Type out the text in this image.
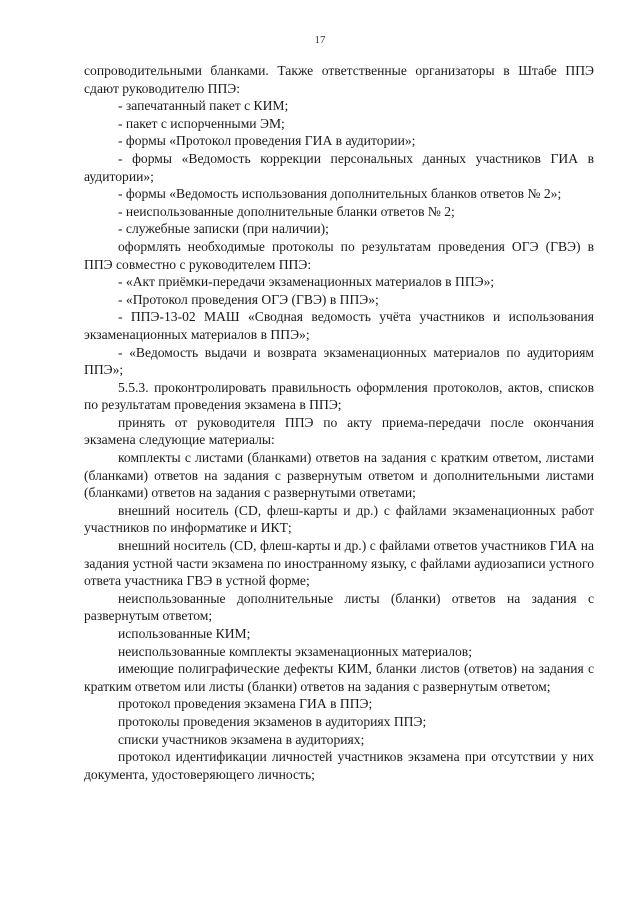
17

сопроводительными бланками. Также ответственные организаторы в Штабе ППЭ сдают руководителю ППЭ:

- запечатанный пакет с КИМ;

- пакет с испорченными ЭМ;

- формы «Протокол проведения ГИА в аудитории»;

- формы «Ведомость коррекции персональных данных участников ГИА в аудитории»;

- формы «Ведомость использования дополнительных бланков ответов № 2»;

- неиспользованные дополнительные бланки ответов № 2;

- служебные записки (при наличии);

оформлять необходимые протоколы по результатам проведения ОГЭ (ГВЭ) в ППЭ совместно с руководителем ППЭ:

- «Акт приёмки-передачи экзаменационных материалов в ППЭ»;

- «Протокол проведения ОГЭ (ГВЭ) в ППЭ»;

- ППЭ-13-02 МАШ «Сводная ведомость учёта участников и использования экзаменационных материалов в ППЭ»;

- «Ведомость выдачи и возврата экзаменационных материалов по аудиториям ППЭ»;

5.5.3. проконтролировать правильность оформления протоколов, актов, списков по результатам проведения экзамена в ППЭ;

принять от руководителя ППЭ по акту приема-передачи после окончания экзамена следующие материалы:

комплекты с листами (бланками) ответов на задания с кратким ответом, листами (бланками) ответов на задания с развернутым ответом и дополнительными листами (бланками) ответов на задания с развернутыми ответами;

внешний носитель (CD, флеш-карты и др.) с файлами экзаменационных работ участников по информатике и ИКТ;

внешний носитель (CD, флеш-карты и др.) с файлами ответов участников ГИА на задания устной части экзамена по иностранному языку, с файлами аудиозаписи устного ответа участника ГВЭ в устной форме;

неиспользованные дополнительные листы (бланки) ответов на задания с развернутым ответом;

использованные КИМ;

неиспользованные комплекты экзаменационных материалов;

имеющие полиграфические дефекты КИМ, бланки листов (ответов) на задания с кратким ответом или листы (бланки) ответов на задания с развернутым ответом;

протокол проведения экзамена ГИА в ППЭ;

протоколы проведения экзаменов в аудиториях ППЭ;

списки участников экзамена в аудиториях;

протокол идентификации личностей участников экзамена при отсутствии у них документа, удостоверяющего личность;
